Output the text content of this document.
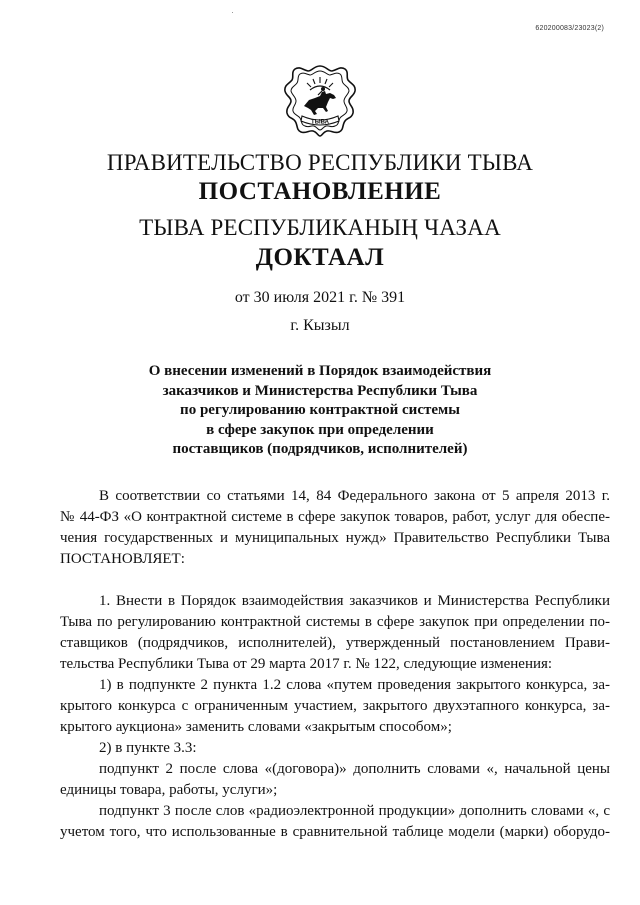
620200083/23023(2)
ТЫВА
ПРАВИТЕЛЬСТВО РЕСПУБЛИКИ ТЫВА
ПОСТАНОВЛЕНИЕ
ТЫВА РЕСПУБЛИКАНЫҢ ЧАЗАА
ДОКТААЛ
от 30 июля 2021 г. № 391
г. Кызыл
О внесении изменений в Порядок взаимодействия
заказчиков и Министерства Республики Тыва
по регулированию контрактной системы
в сфере закупок при определении
поставщиков (подрядчиков, исполнителей)
В соответствии со статьями 14, 84 Федерального закона от 5 апреля 2013 г.
№ 44-ФЗ «О контрактной системе в сфере закупок товаров, работ, услуг для обеспе-
чения государственных и муниципальных нужд» Правительство Республики Тыва
ПОСТАНОВЛЯЕТ:
1. Внести в Порядок взаимодействия заказчиков и Министерства Республики
Тыва по регулированию контрактной системы в сфере закупок при определении по-
ставщиков (подрядчиков, исполнителей), утвержденный постановлением Прави-
тельства Республики Тыва от 29 марта 2017 г. № 122, следующие изменения:
1) в подпункте 2 пункта 1.2 слова «путем проведения закрытого конкурса, за-
крытого конкурса с ограниченным участием, закрытого двухэтапного конкурса, за-
крытого аукциона» заменить словами «закрытым способом»;
2) в пункте 3.3:
подпункт 2 после слова «(договора)» дополнить словами «, начальной цены
единицы товара, работы, услуги»;
подпункт 3 после слов «радиоэлектронной продукции» дополнить словами «, с
учетом того, что использованные в сравнительной таблице модели (марки) оборудо-
